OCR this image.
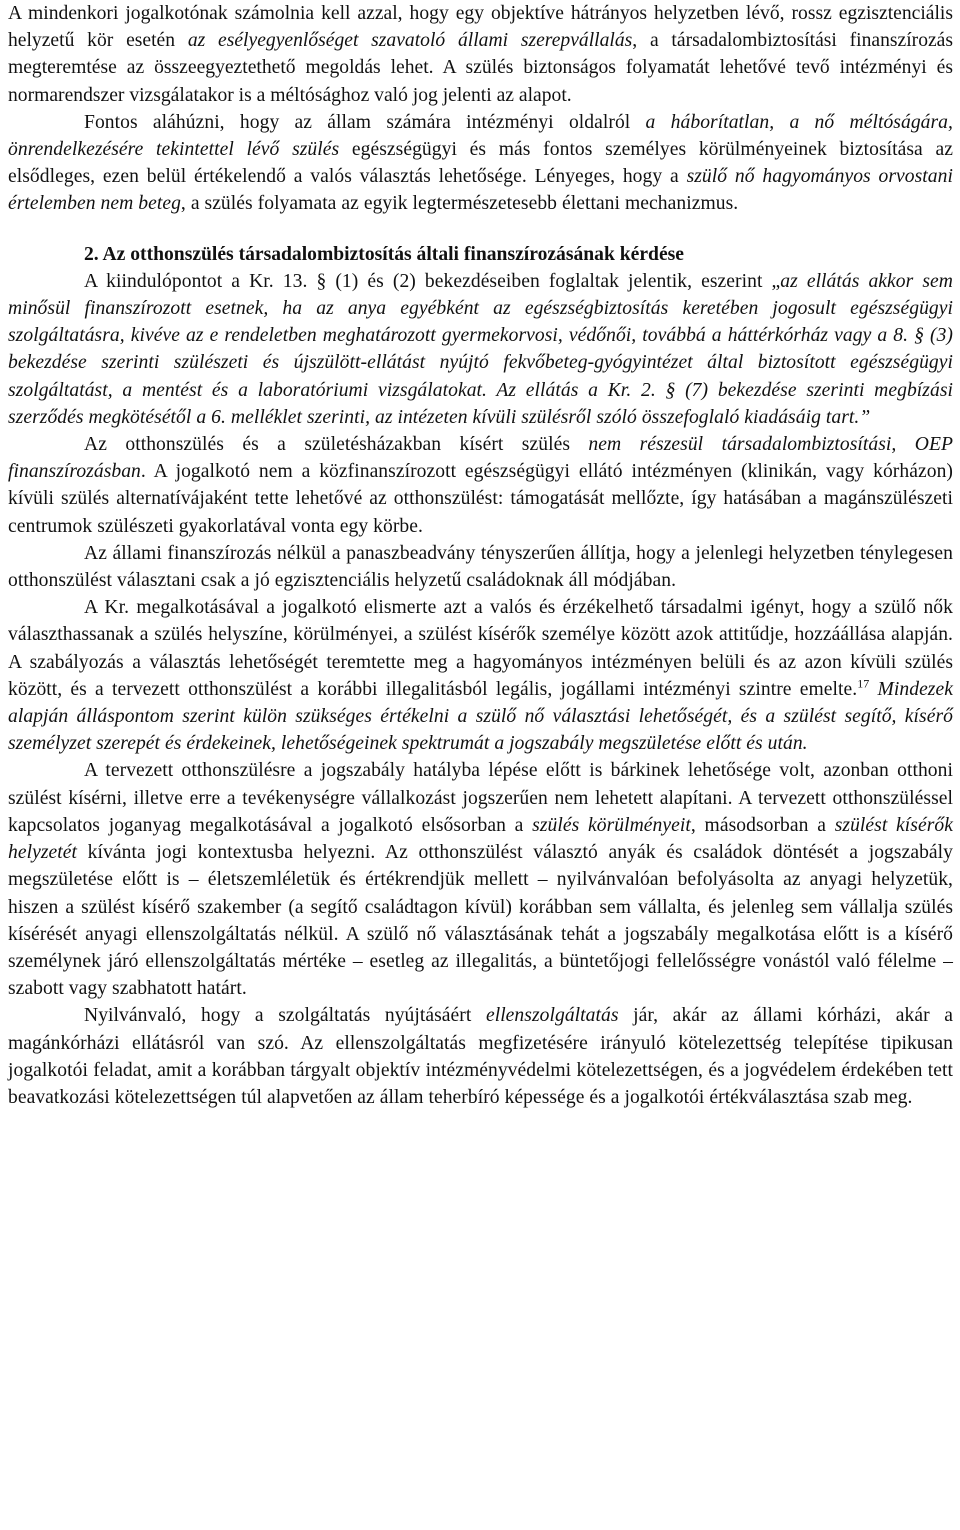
A mindenkori jogalkotónak számolnia kell azzal, hogy egy objektíve hátrányos helyzetben lévő, rossz egzisztenciális helyzetű kör esetén az esélyegyenlőséget szavatoló állami szerepvállalás, a társadalombiztosítási finanszírozás megteremtése az összeegyeztethető megoldás lehet. A szülés biztonságos folyamatát lehetővé tevő intézményi és normarendszer vizsgálatakor is a méltósághoz való jog jelenti az alapot.

Fontos aláhúzni, hogy az állam számára intézményi oldalról a háborítatlan, a nő méltóságára, önrendelkezésére tekintettel lévő szülés egészségügyi és más fontos személyes körülményeinek biztosítása az elsődleges, ezen belül értékelendő a valós választás lehetősége. Lényeges, hogy a szülő nő hagyományos orvostani értelemben nem beteg, a szülés folyamata az egyik legtermészetesebb élettani mechanizmus.

2. Az otthonszülés társadalombiztosítás általi finanszírozásának kérdése

A kiindulópontot a Kr. 13. § (1) és (2) bekezdéseiben foglaltak jelentik, eszerint „az ellátás akkor sem minősül finanszírozott esetnek, ha az anya egyébként az egészségbiztosítás keretében jogosult egészségügyi szolgáltatásra, kivéve az e rendeletben meghatározott gyermekorvosi, védőnői, továbbá a háttérkórház vagy a 8. § (3) bekezdése szerinti szülészeti és újszülött-ellátást nyújtó fekvőbeteg-gyógyintézet által biztosított egészségügyi szolgáltatást, a mentést és a laboratóriumi vizsgálatokat. Az ellátás a Kr. 2. § (7) bekezdése szerinti megbízási szerződés megkötésétől a 6. melléklet szerinti, az intézeten kívüli szülésről szóló összefoglaló kiadásáig tart.”

Az otthonszülés és a születésházakban kísért szülés nem részesül társadalombiztosítási, OEP finanszírozásban. A jogalkotó nem a közfinanszírozott egészségügyi ellátó intézményen (klinikán, vagy kórházon) kívüli szülés alternatívájaként tette lehetővé az otthonszülést: támogatását mellőzte, így hatásában a magánszülészeti centrumok szülészeti gyakorlatával vonta egy körbe.

Az állami finanszírozás nélkül a panaszbeadvány tényszerűen állítja, hogy a jelenlegi helyzetben ténylegesen otthonszülést választani csak a jó egzisztenciális helyzetű családoknak áll módjában.

A Kr. megalkotásával a jogalkotó elismerte azt a valós és érzékelhető társadalmi igényt, hogy a szülő nők választhassanak a szülés helyszíne, körülményei, a szülést kísérők személye között azok attitűdje, hozzáállása alapján. A szabályozás a választás lehetőségét teremtette meg a hagyományos intézményen belüli és az azon kívüli szülés között, és a tervezett otthonszülést a korábbi illegalitásból legális, jogállami intézményi szintre emelte.$^{17}$ Mindezek alapján álláspontom szerint külön szükséges értékelni a szülő nő választási lehetőségét, és a szülést segítő, kísérő személyzet szerepét és érdekeinek, lehetőségeinek spektrumát a jogszabály megszületése előtt és után.

A tervezett otthonszülésre a jogszabály hatályba lépése előtt is bárkinek lehetősége volt, azonban otthoni szülést kísérni, illetve erre a tevékenységre vállalkozást jogszerűen nem lehetett alapítani. A tervezett otthonszüléssel kapcsolatos joganyag megalkotásával a jogalkotó elsősorban a szülés körülményeit, másodsorban a szülést kísérők helyzetét kívánta jogi kontextusba helyezni. Az otthonszülést választó anyák és családok döntését a jogszabály megszületése előtt is – életszemléletük és értékrendjük mellett – nyilvánvalóan befolyásolta az anyagi helyzetük, hiszen a szülést kísérő szakember (a segítő családtagon kívül) korábban sem vállalta, és jelenleg sem vállalja szülés kísérését anyagi ellenszolgáltatás nélkül. A szülő nő választásának tehát a jogszabály megalkotása előtt is a kísérő személynek járó ellenszolgáltatás mértéke – esetleg az illegalitás, a büntetőjogi fellelősségre vonástól való félelme – szabott vagy szabhatott határt.

Nyilvánvaló, hogy a szolgáltatás nyújtásáért ellenszolgáltatás jár, akár az állami kórházi, akár a magánkórházi ellátásról van szó. Az ellenszolgáltatás megfizetésére irányuló kötelezettség telepítése tipikusan jogalkotói feladat, amit a korábban tárgyalt objektív intézményvédelmi kötelezettségen, és a jogvédelem érdekében tett beavatkozási kötelezettségen túl alapvetően az állam teherbíró képessége és a jogalkotói értékválasztása szab meg.
